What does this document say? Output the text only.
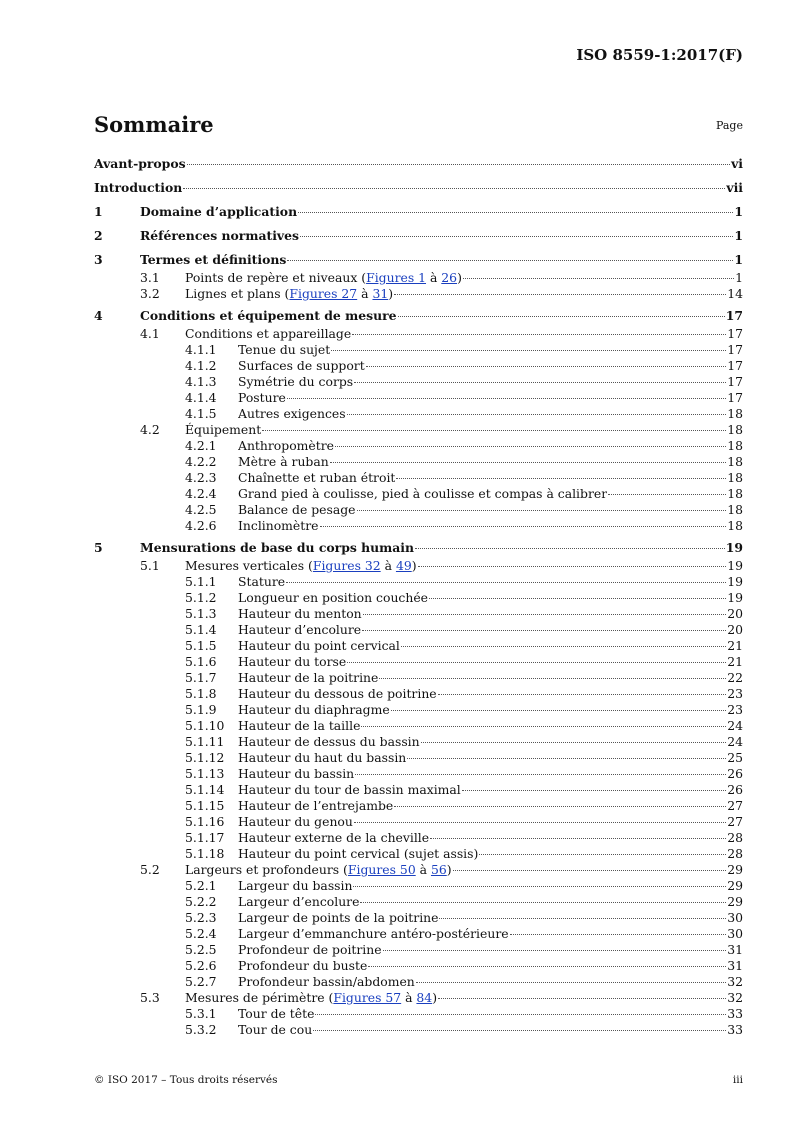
ISO 8559-1:2017(F)
Sommaire	Page
Avant-propos	vi
Introduction	vii
1	Domaine d’application	1
2	Références normatives	1
3	Termes et définitions	1
3.1	Points de repère et niveaux (Figures 1 à 26)	1
3.2	Lignes et plans (Figures 27 à 31)	14
4	Conditions et équipement de mesure	17
4.1	Conditions et appareillage	17
4.1.1	Tenue du sujet	17
4.1.2	Surfaces de support	17
4.1.3	Symétrie du corps	17
4.1.4	Posture	17
4.1.5	Autres exigences	18
4.2	Équipement	18
4.2.1	Anthropomètre	18
4.2.2	Mètre à ruban	18
4.2.3	Chaînette et ruban étroit	18
4.2.4	Grand pied à coulisse, pied à coulisse et compas à calibrer	18
4.2.5	Balance de pesage	18
4.2.6	Inclinomètre	18
5	Mensurations de base du corps humain	19
5.1	Mesures verticales (Figures 32 à 49)	19
5.1.1	Stature	19
5.1.2	Longueur en position couchée	19
5.1.3	Hauteur du menton	20
5.1.4	Hauteur d’encolure	20
5.1.5	Hauteur du point cervical	21
5.1.6	Hauteur du torse	21
5.1.7	Hauteur de la poitrine	22
5.1.8	Hauteur du dessous de poitrine	23
5.1.9	Hauteur du diaphragme	23
5.1.10	Hauteur de la taille	24
5.1.11	Hauteur de dessus du bassin	24
5.1.12	Hauteur du haut du bassin	25
5.1.13	Hauteur du bassin	26
5.1.14	Hauteur du tour de bassin maximal	26
5.1.15	Hauteur de l’entrejambe	27
5.1.16	Hauteur du genou	27
5.1.17	Hauteur externe de la cheville	28
5.1.18	Hauteur du point cervical (sujet assis)	28
5.2	Largeurs et profondeurs (Figures 50 à 56)	29
5.2.1	Largeur du bassin	29
5.2.2	Largeur d’encolure	29
5.2.3	Largeur de points de la poitrine	30
5.2.4	Largeur d’emmanchure antéro-postérieure	30
5.2.5	Profondeur de poitrine	31
5.2.6	Profondeur du buste	31
5.2.7	Profondeur bassin/abdomen	32
5.3	Mesures de périmètre (Figures 57 à 84)	32
5.3.1	Tour de tête	33
5.3.2	Tour de cou	33
© ISO 2017 – Tous droits réservés	iii
